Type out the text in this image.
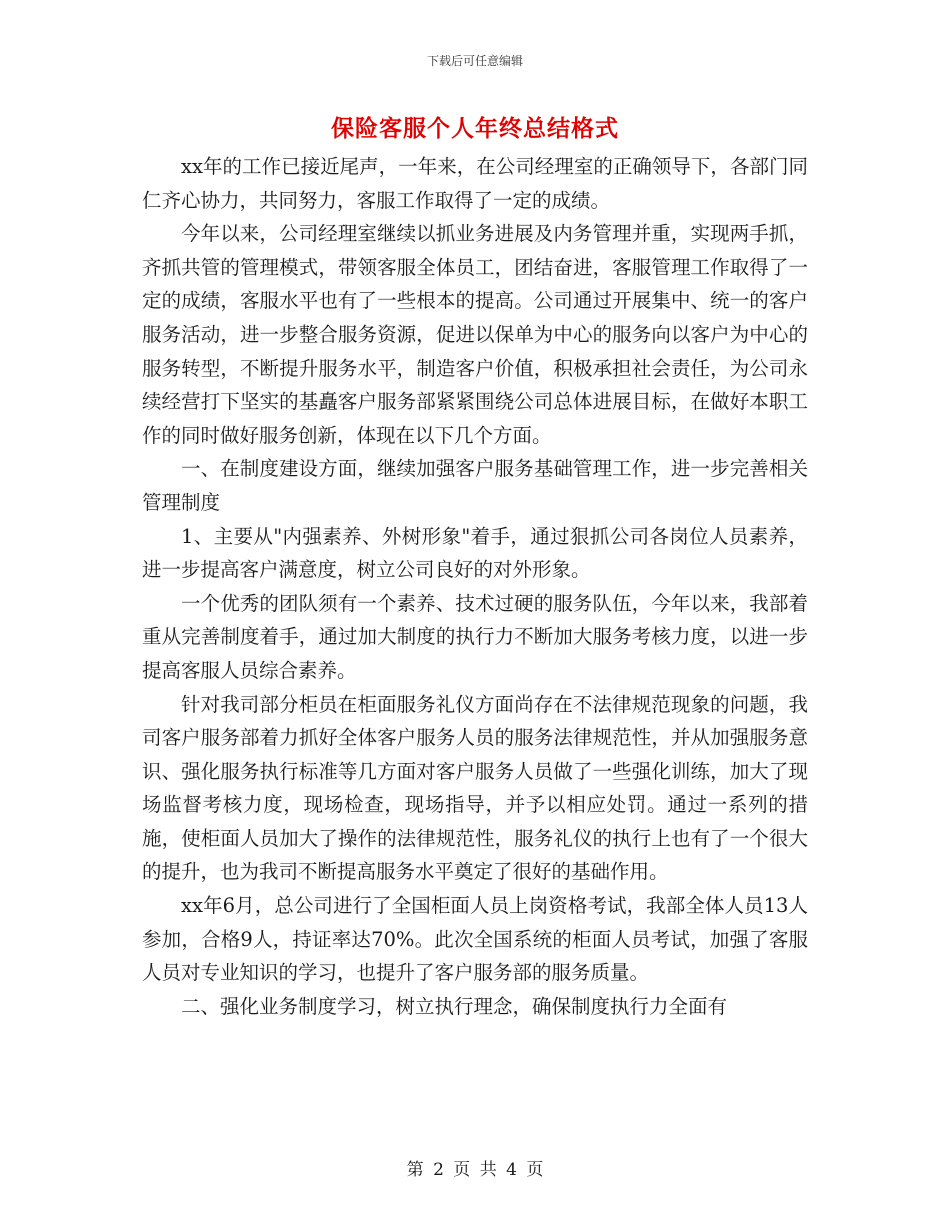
下载后可任意编辑
保险客服个人年终总结格式

xx年的工作已接近尾声，一年来，在公司经理室的正确领导下，各部门同仁齐心协力，共同努力，客服工作取得了一定的成绩。

今年以来，公司经理室继续以抓业务进展及内务管理并重，实现两手抓，齐抓共管的管理模式，带领客服全体员工，团结奋进，客服管理工作取得了一定的成绩，客服水平也有了一些根本的提高。公司通过开展集中、统一的客户服务活动，进一步整合服务资源，促进以保单为中心的服务向以客户为中心的服务转型，不断提升服务水平，制造客户价值，积极承担社会责任，为公司永续经营打下坚实的基矗客户服务部紧紧围绕公司总体进展目标，在做好本职工作的同时做好服务创新，体现在以下几个方面。

一、在制度建设方面，继续加强客户服务基础管理工作，进一步完善相关管理制度

1、主要从"内强素养、外树形象"着手，通过狠抓公司各岗位人员素养，进一步提高客户满意度，树立公司良好的对外形象。

一个优秀的团队须有一个素养、技术过硬的服务队伍，今年以来，我部着重从完善制度着手，通过加大制度的执行力不断加大服务考核力度，以进一步提高客服人员综合素养。

针对我司部分柜员在柜面服务礼仪方面尚存在不法律规范现象的问题，我司客户服务部着力抓好全体客户服务人员的服务法律规范性，并从加强服务意识、强化服务执行标准等几方面对客户服务人员做了一些强化训练，加大了现场监督考核力度，现场检查，现场指导，并予以相应处罚。通过一系列的措施，使柜面人员加大了操作的法律规范性，服务礼仪的执行上也有了一个很大的提升，也为我司不断提高服务水平奠定了很好的基础作用。

xx年6月，总公司进行了全国柜面人员上岗资格考试，我部全体人员13人参加，合格9人，持证率达70%。此次全国系统的柜面人员考试，加强了客服人员对专业知识的学习，也提升了客户服务部的服务质量。

二、强化业务制度学习，树立执行理念，确保制度执行力全面有

第 2 页 共 4 页
